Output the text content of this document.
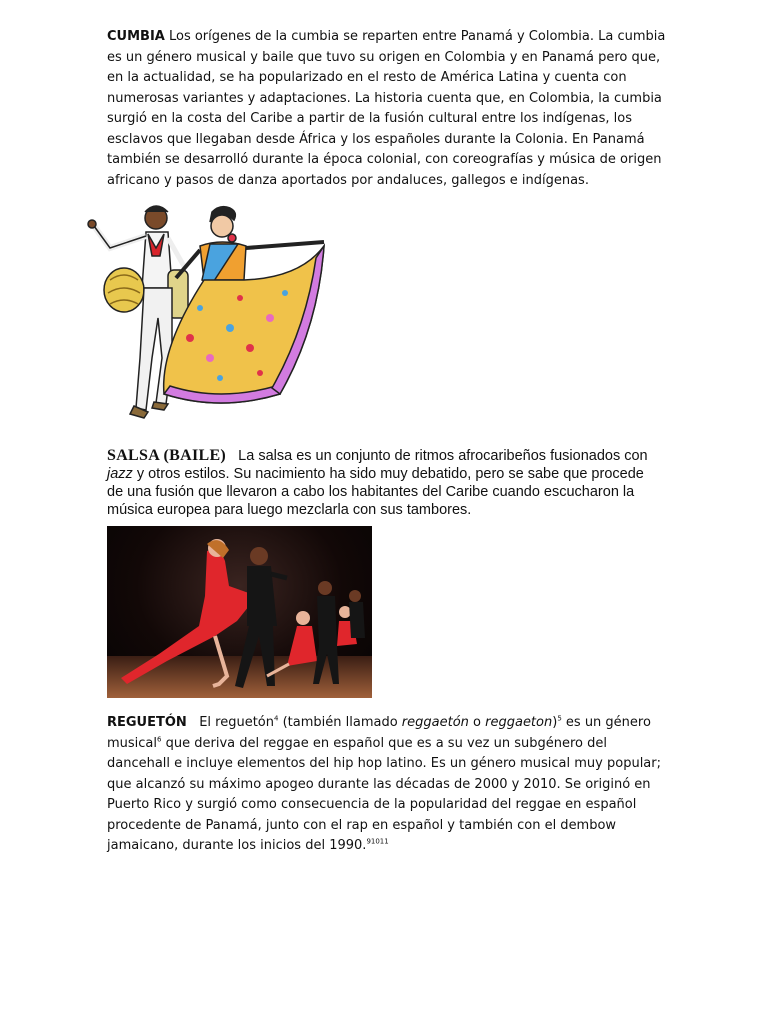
CUMBIA Los orígenes de la cumbia se reparten entre Panamá y Colombia. La cumbia es un género musical y baile que tuvo su origen en Colombia y en Panamá pero que, en la actualidad, se ha popularizado en el resto de América Latina y cuenta con numerosas variantes y adaptaciones. La historia cuenta que, en Colombia, la cumbia surgió en la costa del Caribe a partir de la fusión cultural entre los indígenas, los esclavos que llegaban desde África y los españoles durante la Colonia. En Panamá también se desarrolló durante la época colonial, con coreografías y música de origen africano y pasos de danza aportados por andaluces, gallegos e indígenas.
SALSA (BAILE) La salsa es un conjunto de ritmos afrocaribeños fusionados con jazz y otros estilos. Su nacimiento ha sido muy debatido, pero se sabe que procede de una fusión que llevaron a cabo los habitantes del Caribe cuando escucharon la música europea para luego mezclarla con sus tambores.
REGUETÓN El reguetón$^4$ (también llamado reggaetón o reggaeton)$^5$ es un género musical$^6$ que deriva del reggae en español que es a su vez un subgénero del dancehall e incluye elementos del hip hop latino. Es un género musical muy popular; que alcanzó su máximo apogeo durante las décadas de 2000 y 2010. Se originó en Puerto Rico y surgió como consecuencia de la popularidad del reggae en español procedente de Panamá, junto con el rap en español y también con el dembow jamaicano, durante los inicios del 1990.$^{91011}$
